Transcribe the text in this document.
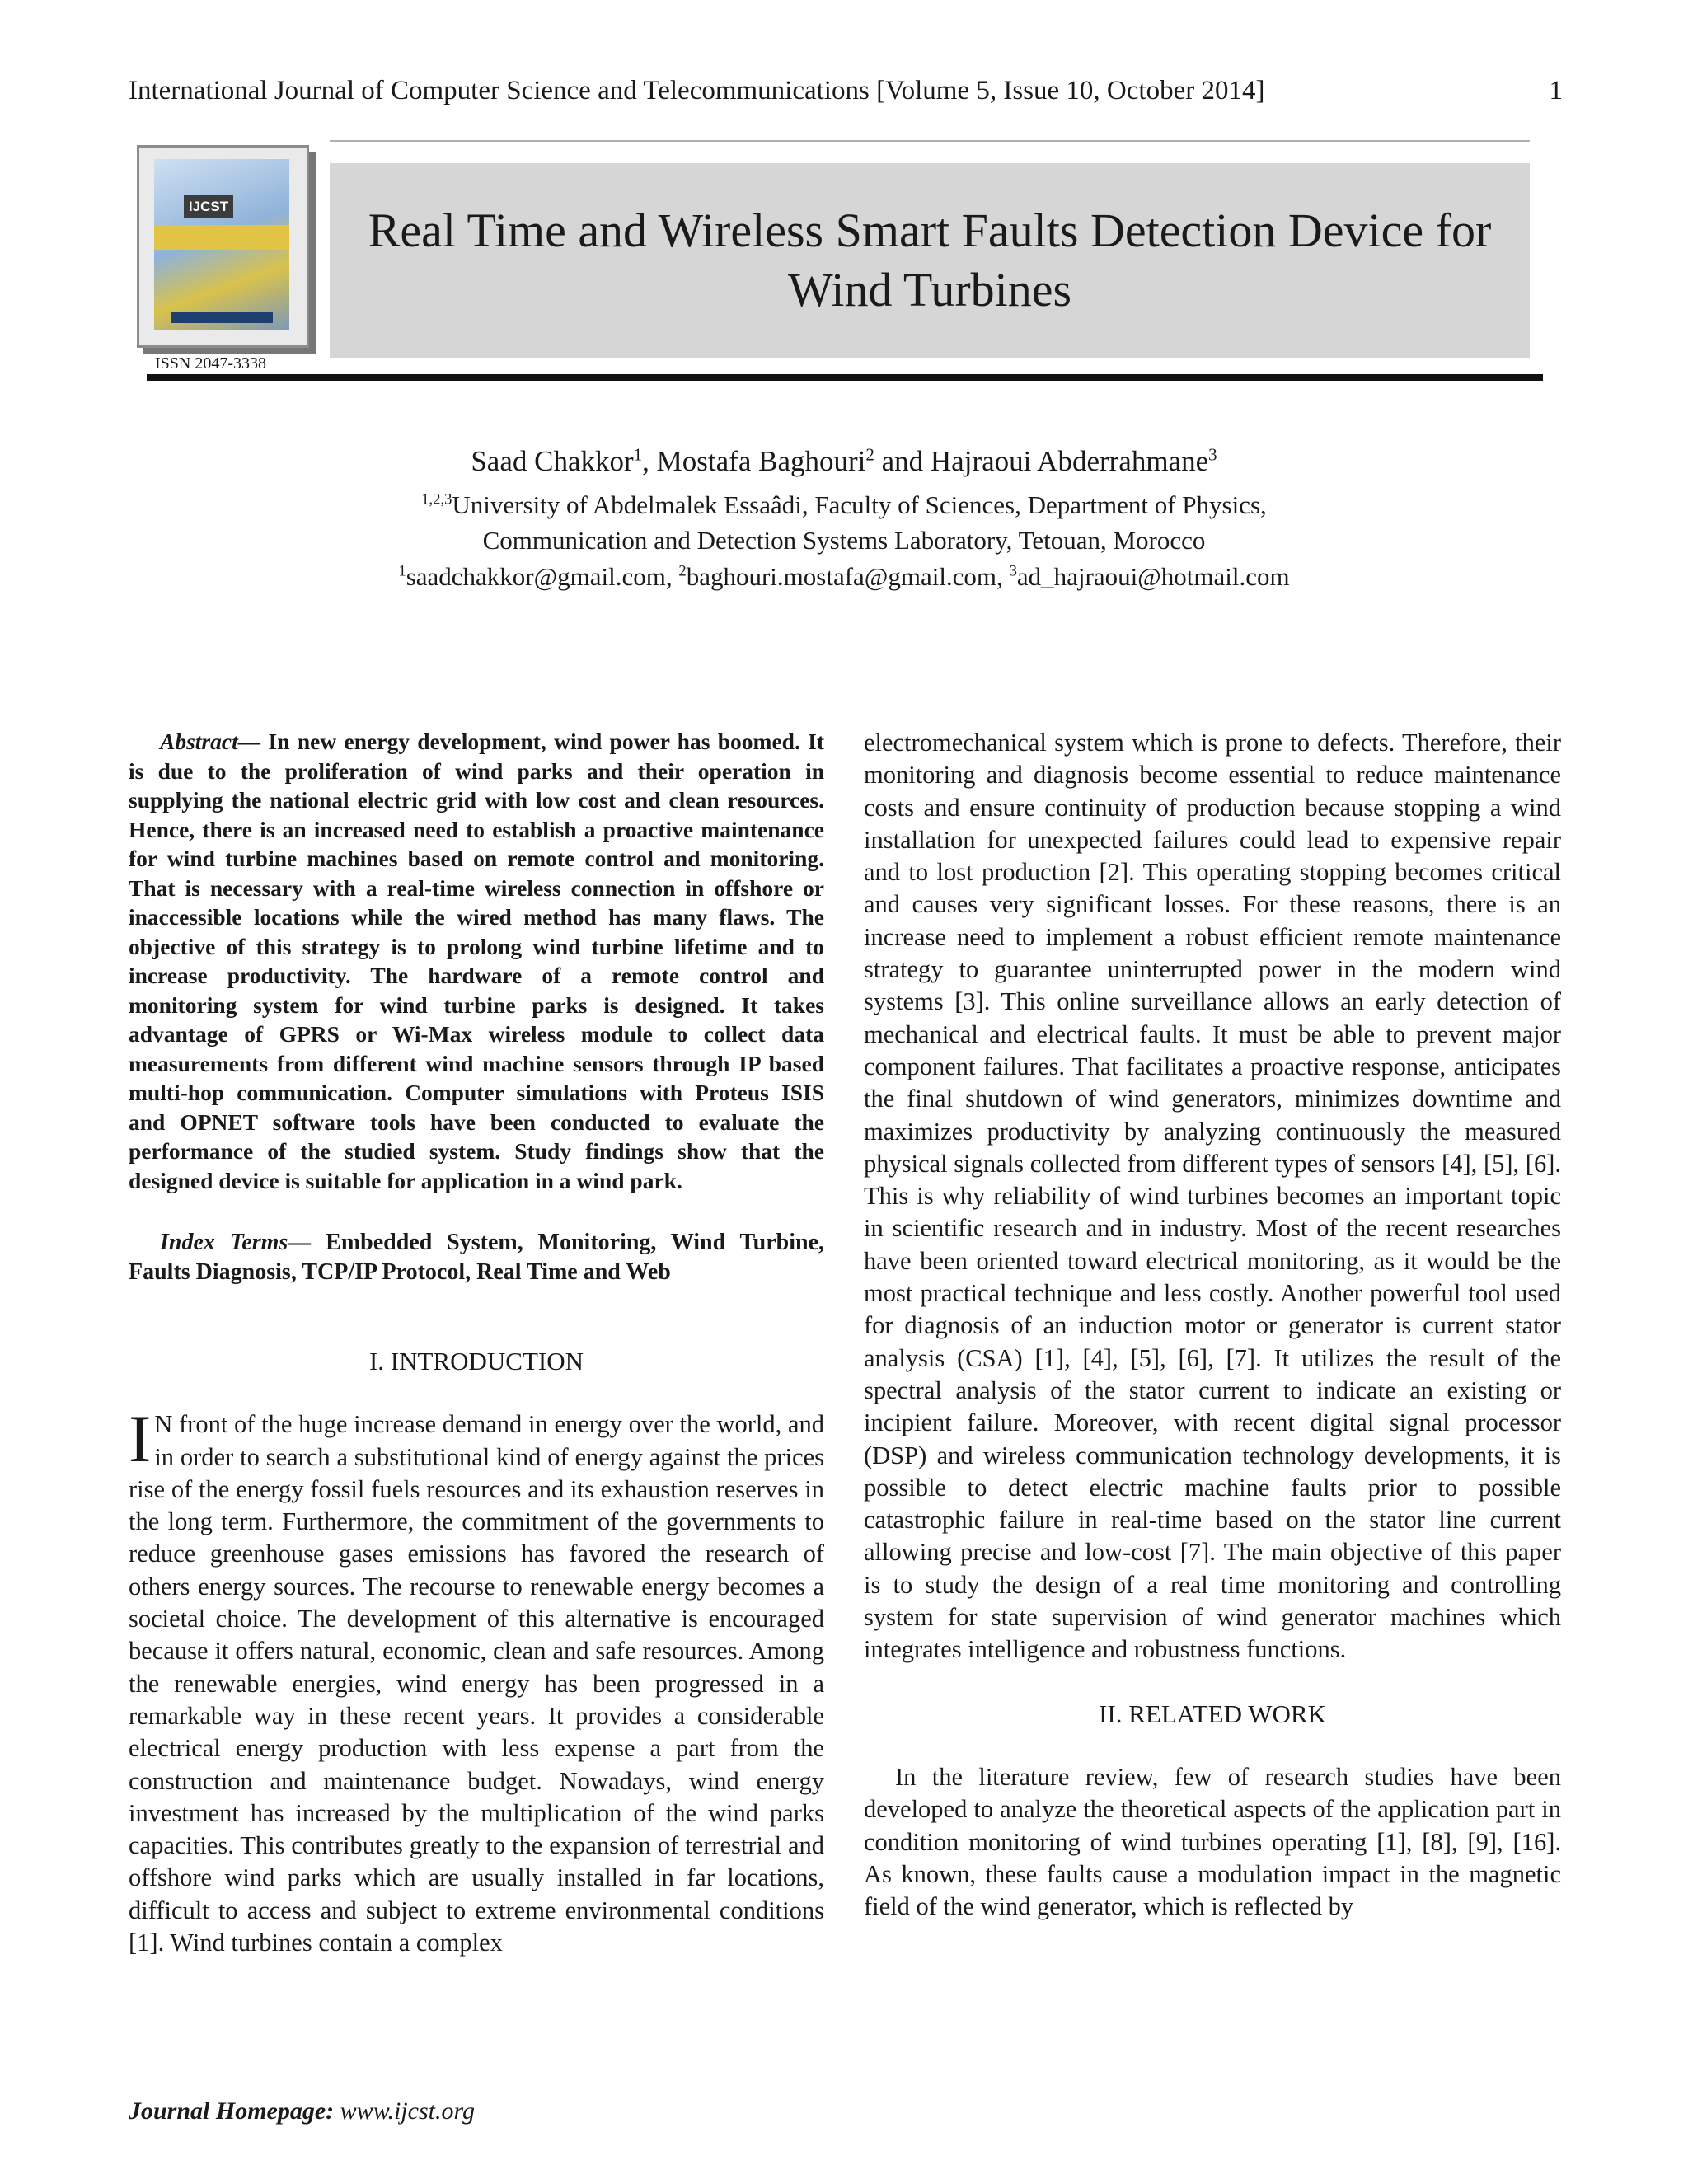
International Journal of Computer Science and Telecommunications [Volume 5, Issue 10, October 2014]	1
IJCST
ISSN 2047-3338
Real Time and Wireless Smart Faults Detection Device for Wind Turbines
Saad Chakkor$^1$, Mostafa Baghouri$^2$ and Hajraoui Abderrahmane$^3$
$^{1,2,3}$University of Abdelmalek Essaâdi, Faculty of Sciences, Department of Physics,
Communication and Detection Systems Laboratory, Tetouan, Morocco
$^1$saadchakkor@gmail.com, $^2$baghouri.mostafa@gmail.com, $^3$ad_hajraoui@hotmail.com

Abstract— In new energy development, wind power has boomed. It is due to the proliferation of wind parks and their operation in supplying the national electric grid with low cost and clean resources. Hence, there is an increased need to establish a proactive maintenance for wind turbine machines based on remote control and monitoring. That is necessary with a real-time wireless connection in offshore or inaccessible locations while the wired method has many flaws. The objective of this strategy is to prolong wind turbine lifetime and to increase productivity. The hardware of a remote control and monitoring system for wind turbine parks is designed. It takes advantage of GPRS or Wi-Max wireless module to collect data measurements from different wind machine sensors through IP based multi-hop communication. Computer simulations with Proteus ISIS and OPNET software tools have been conducted to evaluate the performance of the studied system. Study findings show that the designed device is suitable for application in a wind park.

Index Terms— Embedded System, Monitoring, Wind Turbine, Faults Diagnosis, TCP/IP Protocol, Real Time and Web

I. INTRODUCTION

I N front of the huge increase demand in energy over the world, and in order to search a substitutional kind of energy against the prices rise of the energy fossil fuels resources and its exhaustion reserves in the long term. Furthermore, the commitment of the governments to reduce greenhouse gases emissions has favored the research of others energy sources. The recourse to renewable energy becomes a societal choice. The development of this alternative is encouraged because it offers natural, economic, clean and safe resources. Among the renewable energies, wind energy has been progressed in a remarkable way in these recent years. It provides a considerable electrical energy production with less expense a part from the construction and maintenance budget. Nowadays, wind energy investment has increased by the multiplication of the wind parks capacities. This contributes greatly to the expansion of terrestrial and offshore wind parks which are usually installed in far locations, difficult to access and subject to extreme environmental conditions [1]. Wind turbines contain a complex

electromechanical system which is prone to defects. Therefore, their monitoring and diagnosis become essential to reduce maintenance costs and ensure continuity of production because stopping a wind installation for unexpected failures could lead to expensive repair and to lost production [2]. This operating stopping becomes critical and causes very significant losses. For these reasons, there is an increase need to implement a robust efficient remote maintenance strategy to guarantee uninterrupted power in the modern wind systems [3]. This online surveillance allows an early detection of mechanical and electrical faults. It must be able to prevent major component failures. That facilitates a proactive response, anticipates the final shutdown of wind generators, minimizes downtime and maximizes productivity by analyzing continuously the measured physical signals collected from different types of sensors [4], [5], [6]. This is why reliability of wind turbines becomes an important topic in scientific research and in industry. Most of the recent researches have been oriented toward electrical monitoring, as it would be the most practical technique and less costly. Another powerful tool used for diagnosis of an induction motor or generator is current stator analysis (CSA) [1], [4], [5], [6], [7]. It utilizes the result of the spectral analysis of the stator current to indicate an existing or incipient failure. Moreover, with recent digital signal processor (DSP) and wireless communication technology developments, it is possible to detect electric machine faults prior to possible catastrophic failure in real-time based on the stator line current allowing precise and low-cost [7]. The main objective of this paper is to study the design of a real time monitoring and controlling system for state supervision of wind generator machines which integrates intelligence and robustness functions.

II. RELATED WORK

In the literature review, few of research studies have been developed to analyze the theoretical aspects of the application part in condition monitoring of wind turbines operating [1], [8], [9], [16]. As known, these faults cause a modulation impact in the magnetic field of the wind generator, which is reflected by

Journal Homepage: www.ijcst.org
